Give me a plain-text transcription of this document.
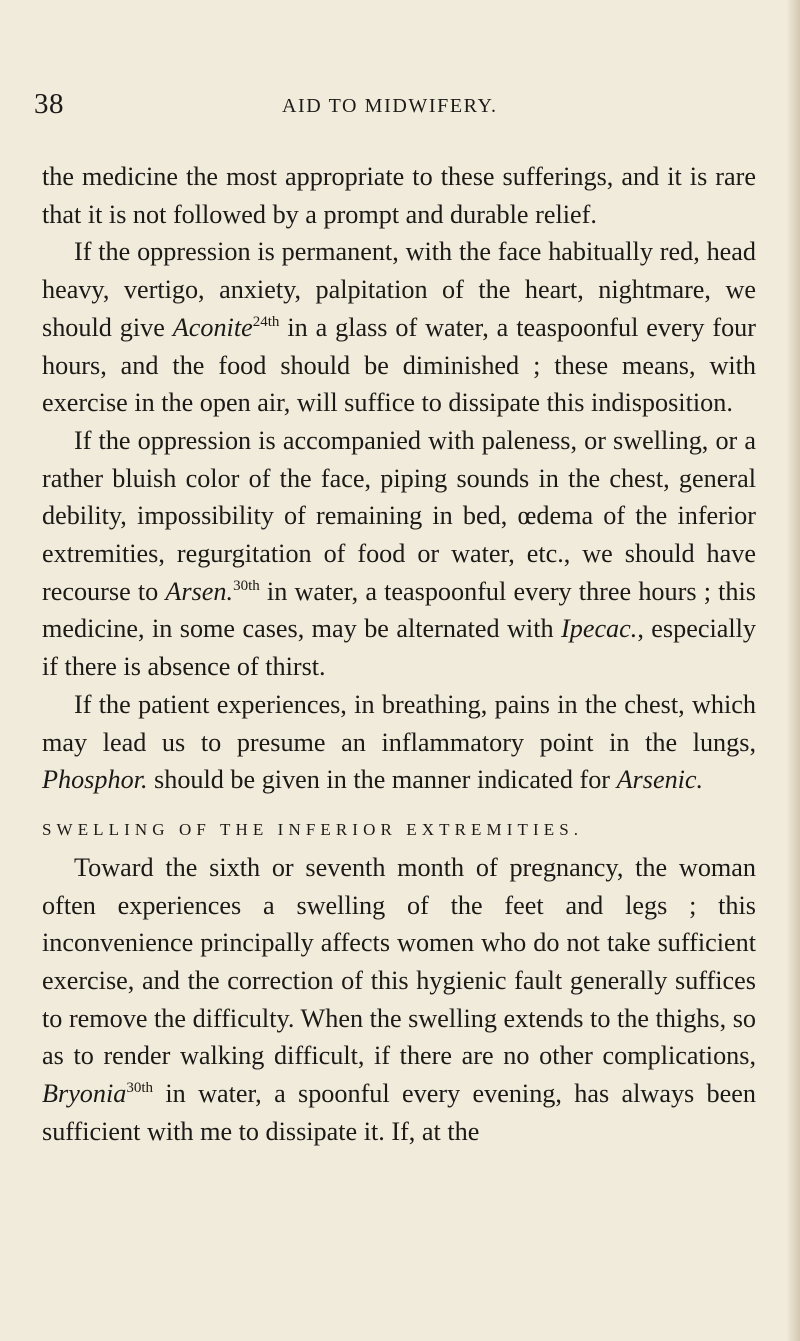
38	AID TO MIDWIFERY.

the medicine the most appropriate to these sufferings, and it is rare that it is not followed by a prompt and durable relief.

If the oppression is permanent, with the face habitually red, head heavy, vertigo, anxiety, palpitation of the heart, nightmare, we should give Aconite$^{24th}$ in a glass of water, a teaspoonful every four hours, and the food should be diminished ; these means, with exercise in the open air, will suffice to dissipate this indisposition.

If the oppression is accompanied with paleness, or swelling, or a rather bluish color of the face, piping sounds in the chest, general debility, impossibility of remaining in bed, œdema of the inferior extremities, regurgitation of food or water, etc., we should have recourse to Arsen.$^{30th}$ in water, a teaspoonful every three hours ; this medicine, in some cases, may be alternated with Ipecac., especially if there is absence of thirst.

If the patient experiences, in breathing, pains in the chest, which may lead us to presume an inflammatory point in the lungs, Phosphor. should be given in the manner indicated for Arsenic.

SWELLING OF THE INFERIOR EXTREMITIES.

Toward the sixth or seventh month of pregnancy, the woman often experiences a swelling of the feet and legs ; this inconvenience principally affects women who do not take sufficient exercise, and the correction of this hygienic fault generally suffices to remove the difficulty. When the swelling extends to the thighs, so as to render walking difficult, if there are no other complications, Bryonia$^{30th}$ in water, a spoonful every evening, has always been sufficient with me to dissipate it. If, at the
